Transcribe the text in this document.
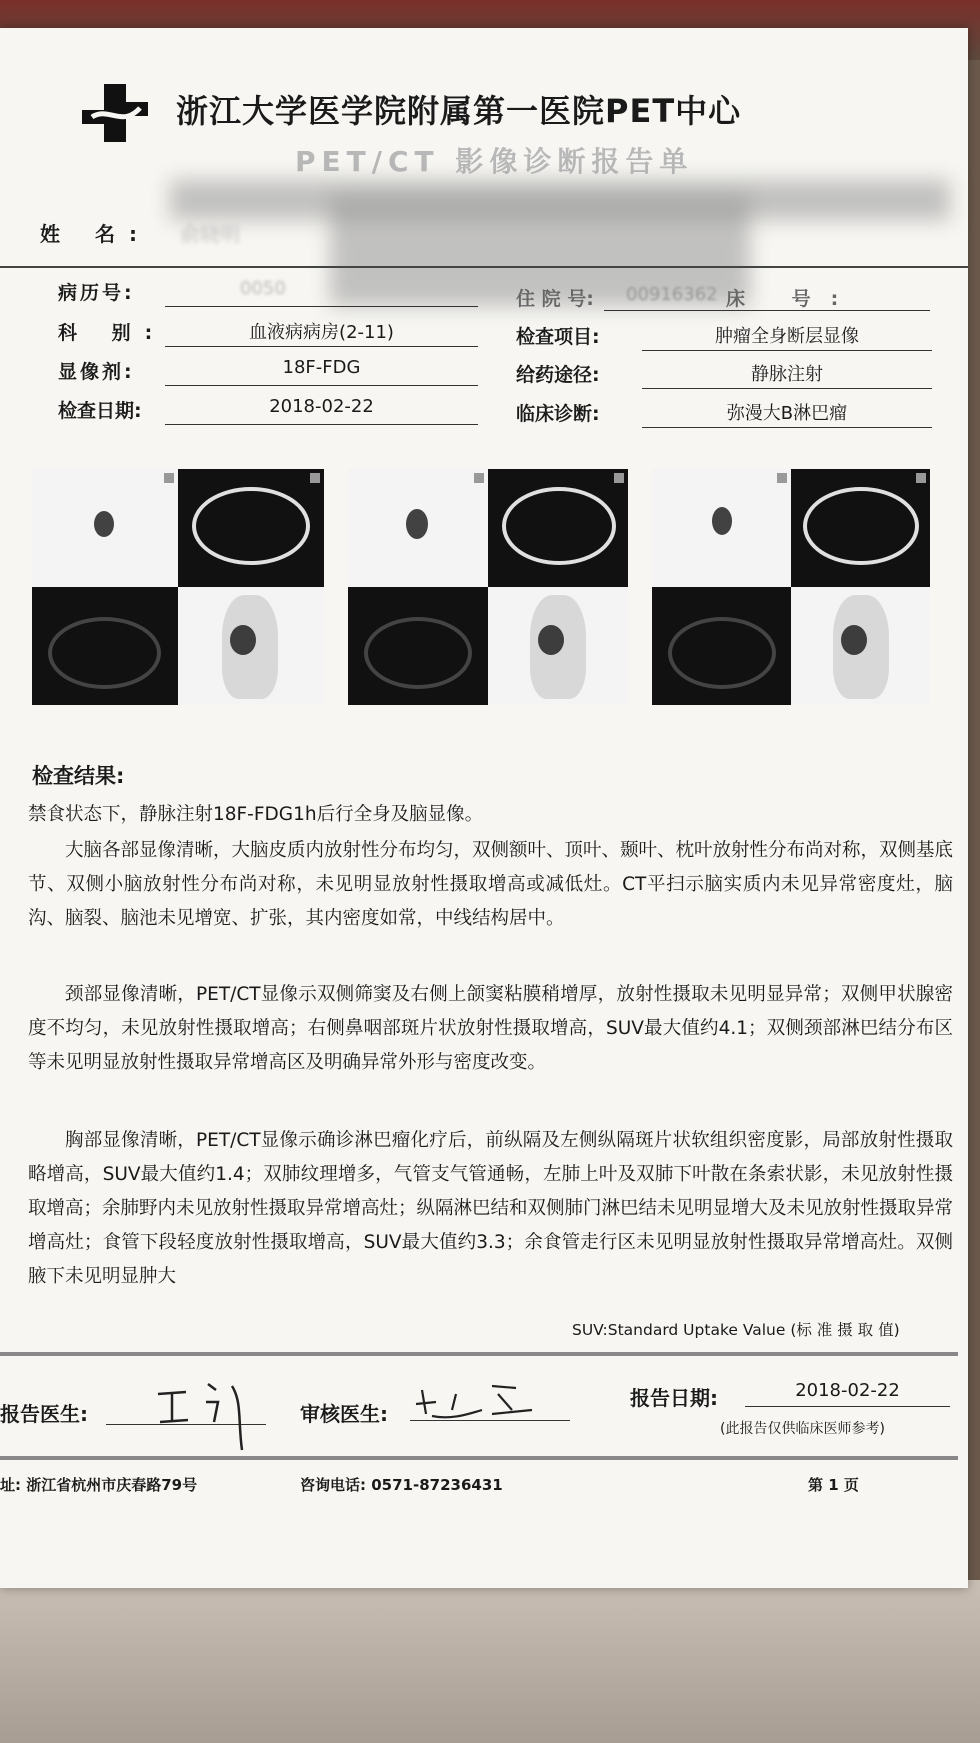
浙江大学医学院附属第一医院PET中心
PET/CT 影像诊断报告单
姓 名: 俞晓明
病历号:	0050
科 别:	血液病病房(2-11)
显像剂:	18F-FDG
检查日期:	2018-02-22
住 院 号: 00916362 床 号:
检查项目:	肿瘤全身断层显像
给药途径:	静脉注射
临床诊断:	弥漫大B淋巴瘤
检查结果:
禁食状态下，静脉注射18F-FDG1h后行全身及脑显像。
大脑各部显像清晰，大脑皮质内放射性分布均匀，双侧额叶、顶叶、颞叶、枕叶放射性分布尚对称，双侧基底节、双侧小脑放射性分布尚对称，未见明显放射性摄取增高或减低灶。CT平扫示脑实质内未见异常密度灶，脑沟、脑裂、脑池未见增宽、扩张，其内密度如常，中线结构居中。
颈部显像清晰，PET/CT显像示双侧筛窦及右侧上颌窦粘膜稍增厚，放射性摄取未见明显异常；双侧甲状腺密度不均匀，未见放射性摄取增高；右侧鼻咽部斑片状放射性摄取增高，SUV最大值约4.1；双侧颈部淋巴结分布区等未见明显放射性摄取异常增高区及明确异常外形与密度改变。
胸部显像清晰，PET/CT显像示确诊淋巴瘤化疗后，前纵隔及左侧纵隔斑片状软组织密度影，局部放射性摄取略增高，SUV最大值约1.4；双肺纹理增多，气管支气管通畅，左肺上叶及双肺下叶散在条索状影，未见放射性摄取增高；余肺野内未见放射性摄取异常增高灶；纵隔淋巴结和双侧肺门淋巴结未见明显增大及未见放射性摄取异常增高灶；食管下段轻度放射性摄取增高，SUV最大值约3.3；余食管走行区未见明显放射性摄取异常增高灶。双侧腋下未见明显肿大
SUV:Standard Uptake Value (标 准 摄 取 值)
报告医生:	审核医生:
报告日期:	2018-02-22
(此报告仅供临床医师参考)
址: 浙江省杭州市庆春路79号	咨询电话: 0571-87236431	第 1 页
